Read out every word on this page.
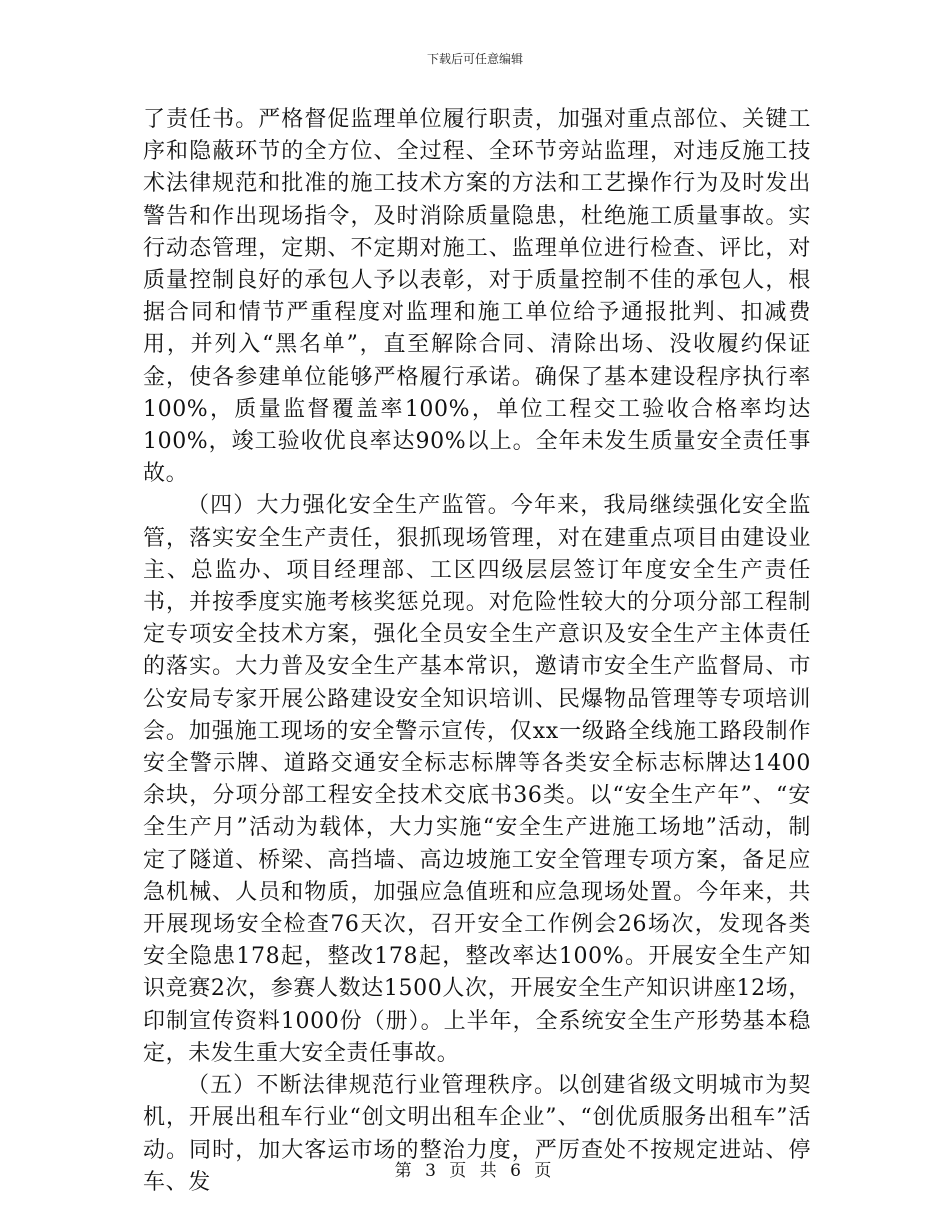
下载后可任意编辑

了责任书。严格督促监理单位履行职责，加强对重点部位、关键工序和隐蔽环节的全方位、全过程、全环节旁站监理，对违反施工技术法律规范和批准的施工技术方案的方法和工艺操作行为及时发出警告和作出现场指令，及时消除质量隐患，杜绝施工质量事故。实行动态管理，定期、不定期对施工、监理单位进行检查、评比，对质量控制良好的承包人予以表彰，对于质量控制不佳的承包人，根据合同和情节严重程度对监理和施工单位给予通报批判、扣减费用，并列入“黑名单”，直至解除合同、清除出场、没收履约保证金，使各参建单位能够严格履行承诺。确保了基本建设程序执行率100%，质量监督覆盖率100%，单位工程交工验收合格率均达100%，竣工验收优良率达90%以上。全年未发生质量安全责任事故。

（四）大力强化安全生产监管。今年来，我局继续强化安全监管，落实安全生产责任，狠抓现场管理，对在建重点项目由建设业主、总监办、项目经理部、工区四级层层签订年度安全生产责任书，并按季度实施考核奖惩兑现。对危险性较大的分项分部工程制定专项安全技术方案，强化全员安全生产意识及安全生产主体责任的落实。大力普及安全生产基本常识，邀请市安全生产监督局、市公安局专家开展公路建设安全知识培训、民爆物品管理等专项培训会。加强施工现场的安全警示宣传，仅xx一级路全线施工路段制作安全警示牌、道路交通安全标志标牌等各类安全标志标牌达1400余块，分项分部工程安全技术交底书36类。以“安全生产年”、“安全生产月”活动为载体，大力实施“安全生产进施工场地”活动，制定了隧道、桥梁、高挡墙、高边坡施工安全管理专项方案，备足应急机械、人员和物质，加强应急值班和应急现场处置。今年来，共开展现场安全检查76天次，召开安全工作例会26场次，发现各类安全隐患178起，整改178起，整改率达100%。开展安全生产知识竞赛2次，参赛人数达1500人次，开展安全生产知识讲座12场，印制宣传资料1000份（册）。上半年，全系统安全生产形势基本稳定，未发生重大安全责任事故。

（五）不断法律规范行业管理秩序。以创建省级文明城市为契机，开展出租车行业“创文明出租车企业”、“创优质服务出租车”活动。同时，加大客运市场的整治力度，严厉查处不按规定进站、停车、发	第 3 页 共 6 页
